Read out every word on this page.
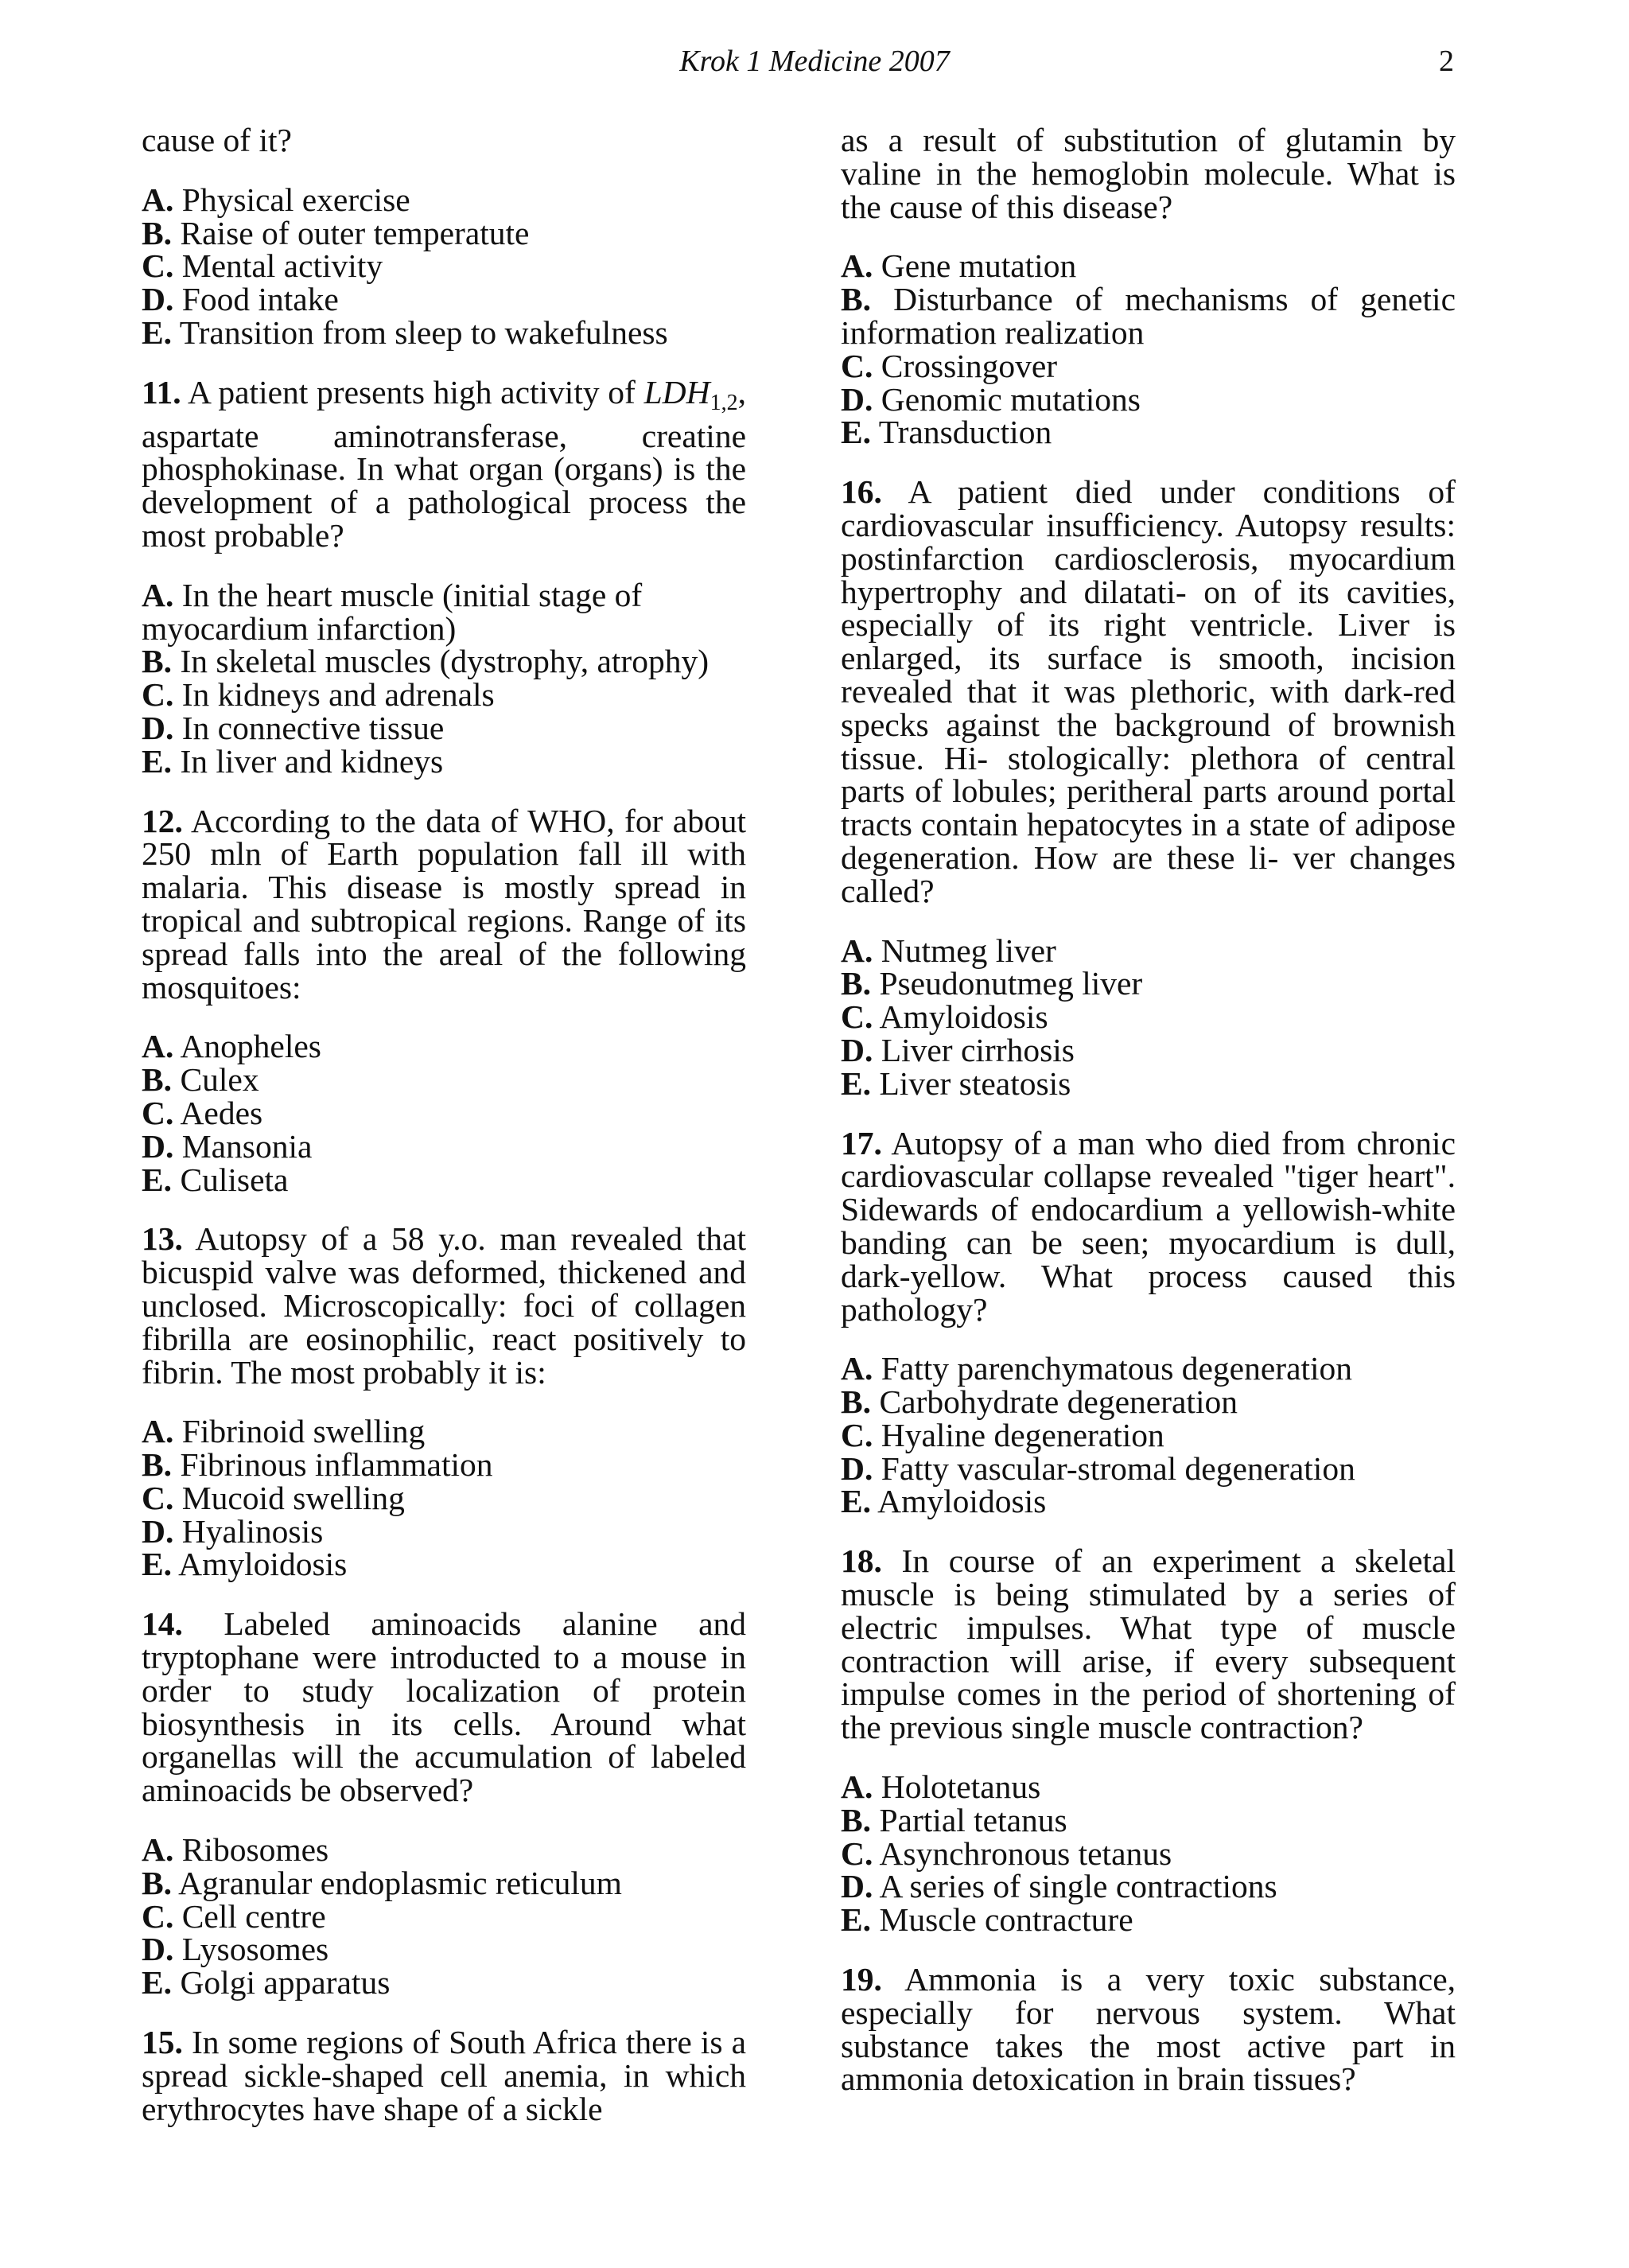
Krok 1 Medicine 2007	2
cause of it?
A. Physical exercise
B. Raise of outer temperatute
C. Mental activity
D. Food intake
E. Transition from sleep to wakefulness
11. A patient presents high activity of $LDH_{1,2}$, aspartate aminotransferase, creatine phosphokinase. In what organ (organs) is the development of a pathological process the most probable?
A. In the heart muscle (initial stage of myocardium infarction)
B. In skeletal muscles (dystrophy, atrophy)
C. In kidneys and adrenals
D. In connective tissue
E. In liver and kidneys
12. According to the data of WHO, for about 250 mln of Earth population fall ill with malaria. This disease is mostly spread in tropical and subtropical regions. Range of its spread falls into the areal of the following mosquitoes:
A. Anopheles
B. Culex
C. Aedes
D. Mansonia
E. Culiseta
13. Autopsy of a 58 y.o. man revealed that bicuspid valve was deformed, thickened and unclosed. Microscopically: foci of collagen fibrilla are eosinophilic, react positively to fibrin. The most probably it is:
A. Fibrinoid swelling
B. Fibrinous inflammation
C. Mucoid swelling
D. Hyalinosis
E. Amyloidosis
14. Labeled aminoacids alanine and tryptophane were introducted to a mouse in order to study localization of protein biosynthesis in its cells. Around what organellas will the accumulation of labeled aminoacids be observed?
A. Ribosomes
B. Agranular endoplasmic reticulum
C. Cell centre
D. Lysosomes
E. Golgi apparatus
15. In some regions of South Africa there is a spread sickle-shaped cell anemia, in which erythrocytes have shape of a sickle
as a result of substitution of glutamin by valine in the hemoglobin molecule. What is the cause of this disease?
A. Gene mutation
B. Disturbance of mechanisms of genetic information realization
C. Crossingover
D. Genomic mutations
E. Transduction
16. A patient died under conditions of cardiovascular insufficiency. Autopsy results: postinfarction cardiosclerosis, myocardium hypertrophy and dilatati- on of its cavities, especially of its right ventricle. Liver is enlarged, its surface is smooth, incision revealed that it was plethoric, with dark-red specks against the background of brownish tissue. Hi- stologically: plethora of central parts of lobules; peritheral parts around portal tracts contain hepatocytes in a state of adipose degeneration. How are these li- ver changes called?
A. Nutmeg liver
B. Pseudonutmeg liver
C. Amyloidosis
D. Liver cirrhosis
E. Liver steatosis
17. Autopsy of a man who died from chronic cardiovascular collapse revealed "tiger heart". Sidewards of endocardium a yellowish-white banding can be seen; myocardium is dull, dark-yellow. What process caused this pathology?
A. Fatty parenchymatous degeneration
B. Carbohydrate degeneration
C. Hyaline degeneration
D. Fatty vascular-stromal degeneration
E. Amyloidosis
18. In course of an experiment a skeletal muscle is being stimulated by a series of electric impulses. What type of muscle contraction will arise, if every subsequent impulse comes in the period of shortening of the previous single muscle contraction?
A. Holotetanus
B. Partial tetanus
C. Asynchronous tetanus
D. A series of single contractions
E. Muscle contracture
19. Ammonia is a very toxic substance, especially for nervous system. What substance takes the most active part in ammonia detoxication in brain tissues?
